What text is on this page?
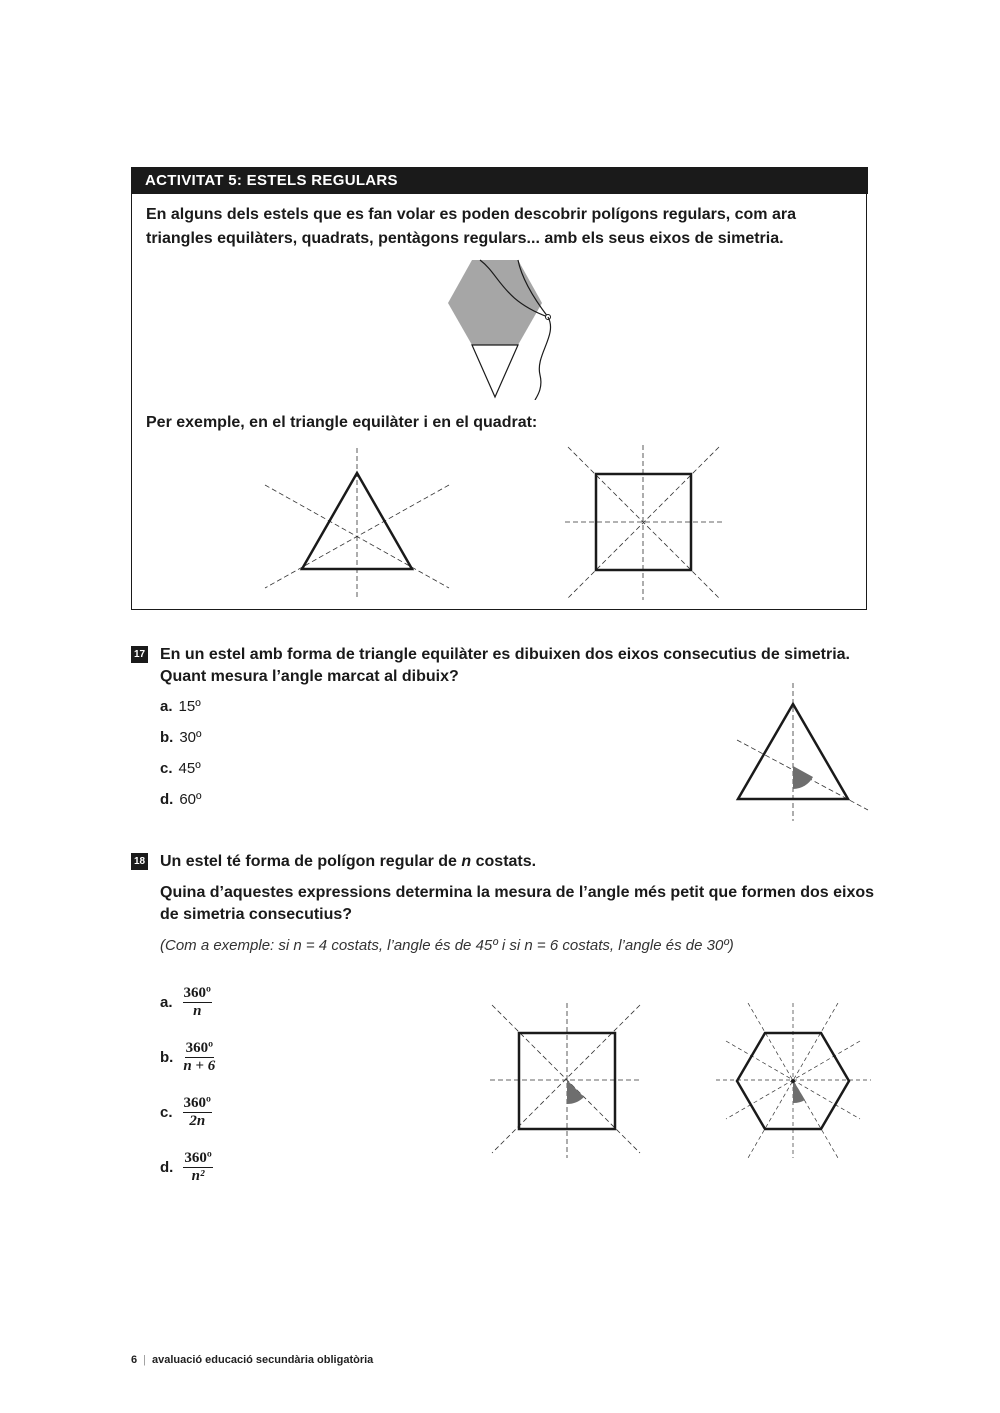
ACTIVITAT 5: ESTELS REGULARS
En alguns dels estels que es fan volar es poden descobrir polígons regulars, com ara triangles equilàters, quadrats, pentàgons regulars... amb els seus eixos de simetria.
Per exemple, en el triangle equilàter i en el quadrat:
17 En un estel amb forma de triangle equilàter es dibuixen dos eixos consecutius de simetria. Quant mesura l’angle marcat al dibuix?
a. 15º
b. 30º
c. 45º
d. 60º
18 Un estel té forma de polígon regular de n costats.
Quina d’aquestes expressions determina la mesura de l’angle més petit que formen dos eixos de simetria consecutius?
(Com a exemple: si n = 4 costats, l’angle és de 45º i si n = 6 costats, l’angle és de 30º)
a. $\frac{\text{360º}}{n}$
b. $\frac{\text{360º}}{n + 6}$
c. $\frac{\text{360º}}{2n}$
d. $\frac{\text{360º}}{\text{n²}}$
6 | avaluació educació secundària obligatòria
